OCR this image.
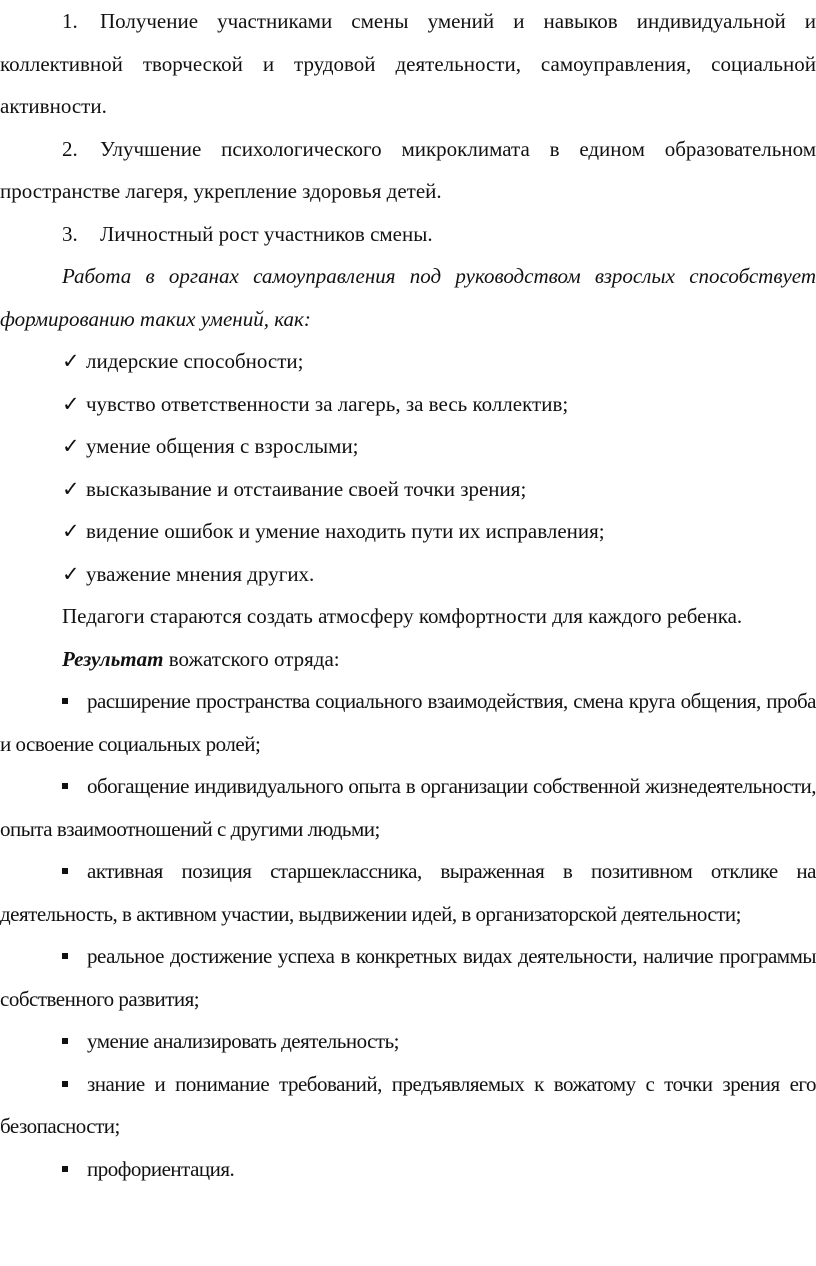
1. Получение участниками смены умений и навыков индивидуальной и коллективной творческой и трудовой деятельности, самоуправления, социальной активности.

2. Улучшение психологического микроклимата в едином образовательном пространстве лагеря, укрепление здоровья детей.

3. Личностный рост участников смены.

Работа в органах самоуправления под руководством взрослых способствует формированию таких умений, как:

✓ лидерские способности;

✓ чувство ответственности за лагерь, за весь коллектив;

✓ умение общения с взрослыми;

✓ высказывание и отстаивание своей точки зрения;

✓ видение ошибок и умение находить пути их исправления;

✓ уважение мнения других.

Педагоги стараются создать атмосферу комфортности для каждого ребенка.

Результат вожатского отряда:

расширение пространства социального взаимодействия, смена круга общения, проба и освоение социальных ролей;

обогащение индивидуального опыта в организации собственной жизнедеятельности, опыта взаимоотношений с другими людьми;

активная позиция старшеклассника, выраженная в позитивном отклике на деятельность, в активном участии, выдвижении идей, в организаторской деятельности;

реальное достижение успеха в конкретных видах деятельности, наличие программы собственного развития;

умение анализировать деятельность;

знание и понимание требований, предъявляемых к вожатому с точки зрения его безопасности;

профориентация.
